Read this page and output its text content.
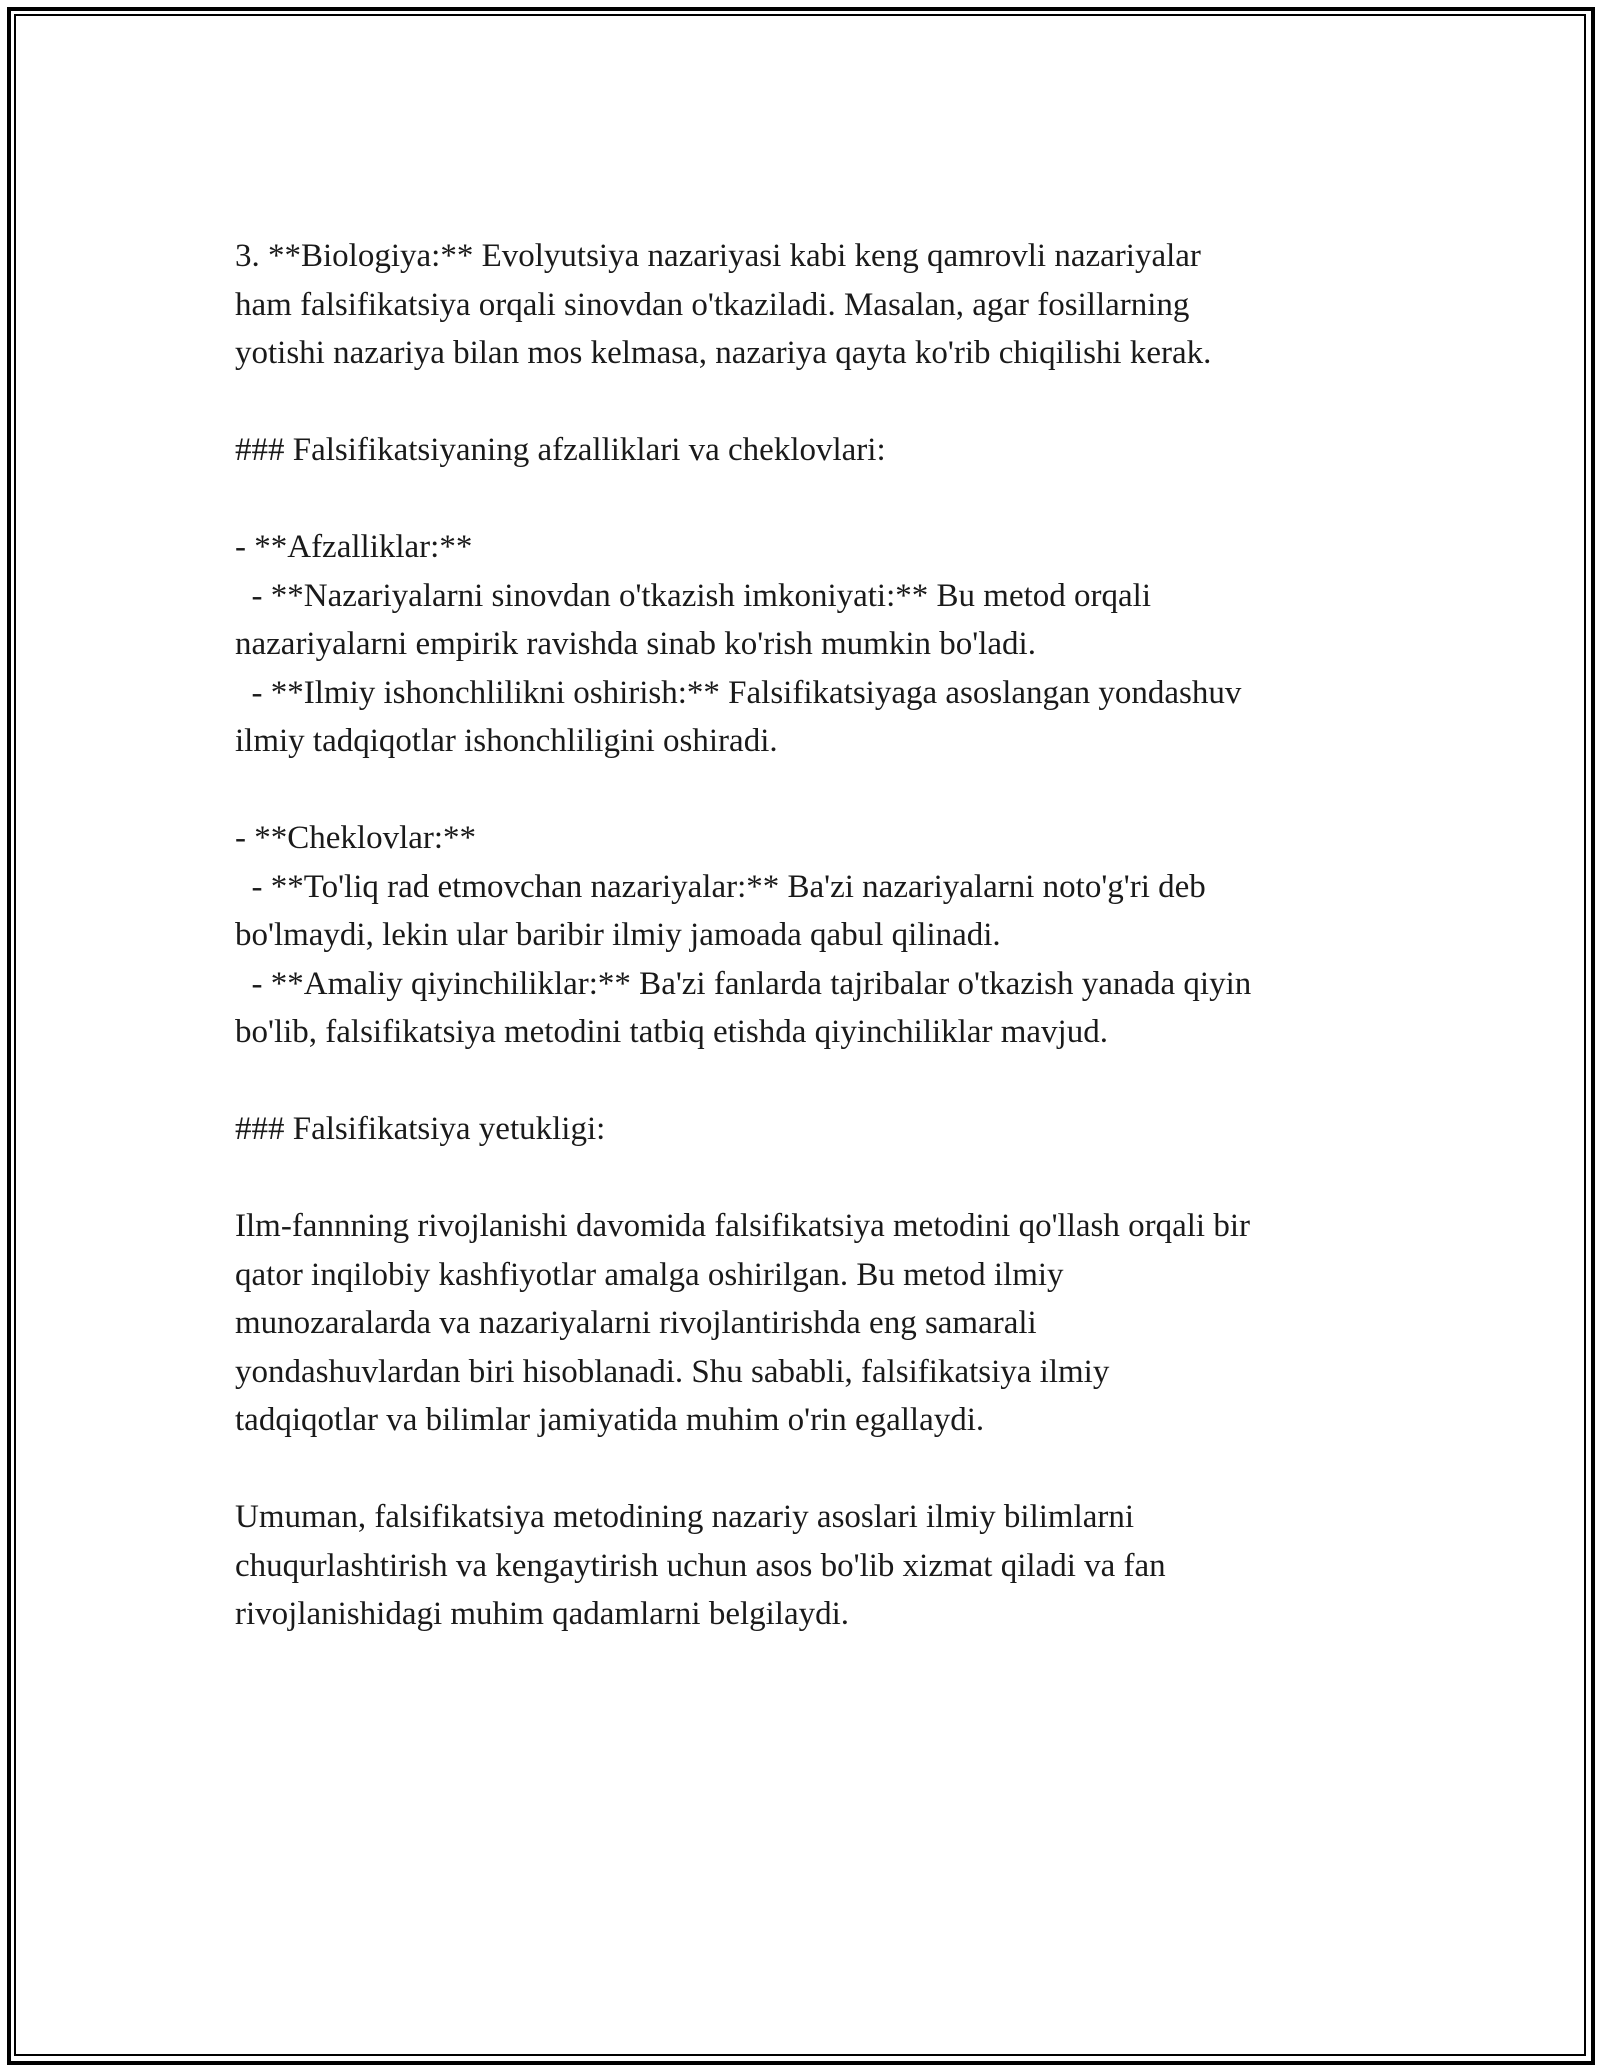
3. **Biologiya:** Evolyutsiya nazariyasi kabi keng qamrovli nazariyalar
ham falsifikatsiya orqali sinovdan o'tkaziladi. Masalan, agar fosillarning
yotishi nazariya bilan mos kelmasa, nazariya qayta ko'rib chiqilishi kerak.
### Falsifikatsiyaning afzalliklari va cheklovlari:
- **Afzalliklar:**
- **Nazariyalarni sinovdan o'tkazish imkoniyati:** Bu metod orqali
nazariyalarni empirik ravishda sinab ko'rish mumkin bo'ladi.
- **Ilmiy ishonchlilikni oshirish:** Falsifikatsiyaga asoslangan yondashuv
ilmiy tadqiqotlar ishonchliligini oshiradi.
- **Cheklovlar:**
- **To'liq rad etmovchan nazariyalar:** Ba'zi nazariyalarni noto'g'ri deb
bo'lmaydi, lekin ular baribir ilmiy jamoada qabul qilinadi.
- **Amaliy qiyinchiliklar:** Ba'zi fanlarda tajribalar o'tkazish yanada qiyin
bo'lib, falsifikatsiya metodini tatbiq etishda qiyinchiliklar mavjud.
### Falsifikatsiya yetukligi:
Ilm-fannning rivojlanishi davomida falsifikatsiya metodini qo'llash orqali bir
qator inqilobiy kashfiyotlar amalga oshirilgan. Bu metod ilmiy
munozaralarda va nazariyalarni rivojlantirishda eng samarali
yondashuvlardan biri hisoblanadi. Shu sababli, falsifikatsiya ilmiy
tadqiqotlar va bilimlar jamiyatida muhim o'rin egallaydi.
Umuman, falsifikatsiya metodining nazariy asoslari ilmiy bilimlarni
chuqurlashtirish va kengaytirish uchun asos bo'lib xizmat qiladi va fan
rivojlanishidagi muhim qadamlarni belgilaydi.
